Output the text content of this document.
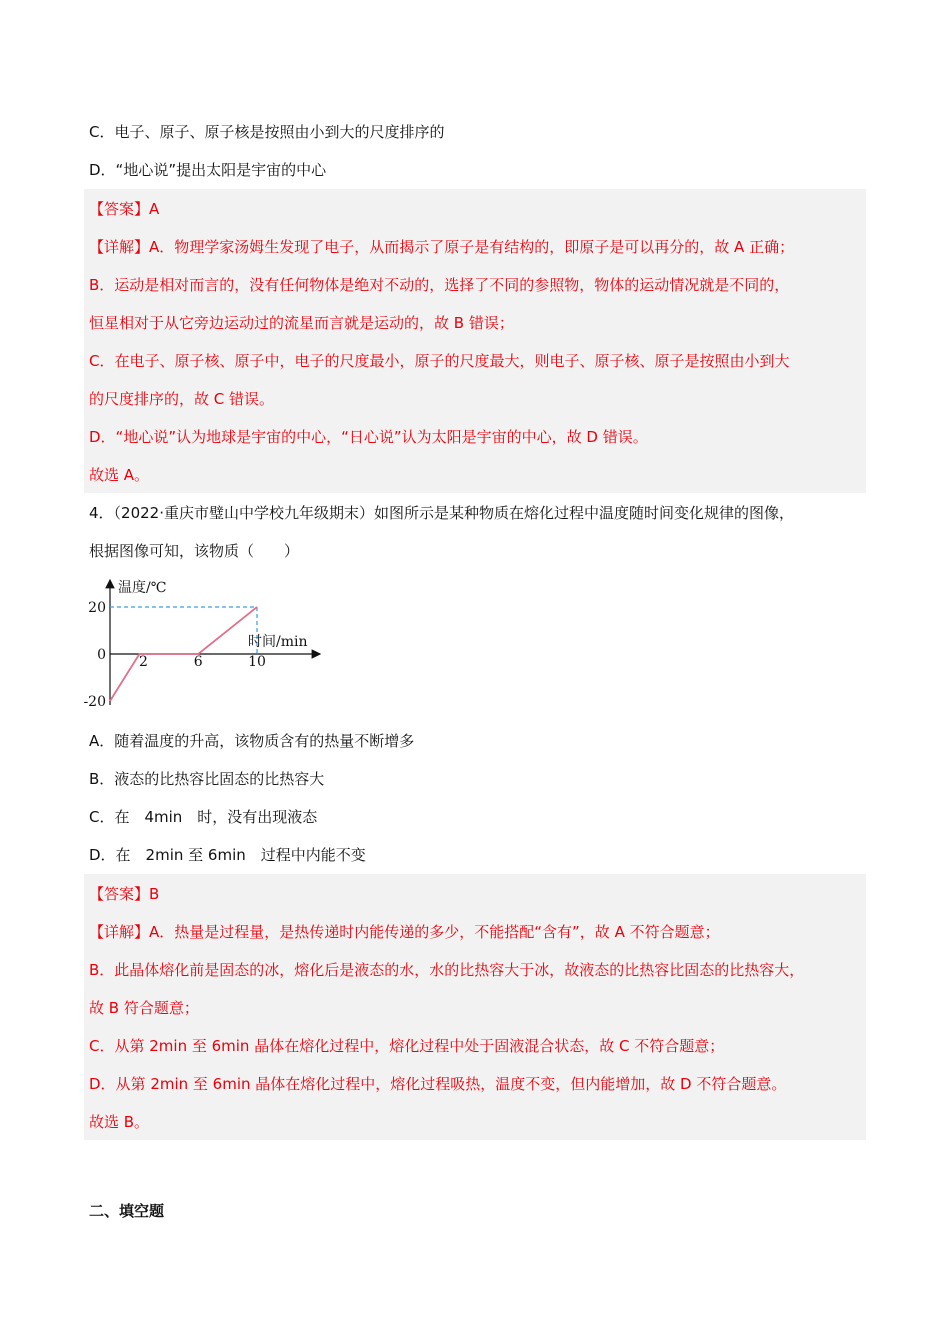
C．电子、原子、原子核是按照由小到大的尺度排序的
D．“地心说”提出太阳是宇宙的中心
【答案】A
【详解】A．物理学家汤姆生发现了电子，从而揭示了原子是有结构的，即原子是可以再分的，故 A 正确；
B．运动是相对而言的，没有任何物体是绝对不动的，选择了不同的参照物，物体的运动情况就是不同的，
恒星相对于从它旁边运动过的流星而言就是运动的，故 B 错误；
C．在电子、原子核、原子中，电子的尺度最小，原子的尺度最大，则电子、原子核、原子是按照由小到大
的尺度排序的，故 C 错误。
D．“地心说”认为地球是宇宙的中心，“日心说”认为太阳是宇宙的中心，故 D 错误。
故选 A。
4．（2022·重庆市璧山中学校九年级期末）如图所示是某种物质在熔化过程中温度随时间变化规律的图像，
根据图像可知，该物质（　　）
温度/℃
时间/min
20
0
-20
2	6	10
A．随着温度的升高，该物质含有的热量不断增多
B．液态的比热容比固态的比热容大
C．在　4min　时，没有出现液态
D．在　2min 至 6min　过程中内能不变
【答案】B
【详解】A．热量是过程量，是热传递时内能传递的多少，不能搭配“含有”，故 A 不符合题意；
B．此晶体熔化前是固态的冰，熔化后是液态的水，水的比热容大于冰，故液态的比热容比固态的比热容大，
故 B 符合题意；
C．从第 2min 至 6min 晶体在熔化过程中，熔化过程中处于固液混合状态，故 C 不符合题意；
D．从第 2min 至 6min 晶体在熔化过程中，熔化过程吸热，温度不变，但内能增加，故 D 不符合题意。
故选 B。
二、填空题
